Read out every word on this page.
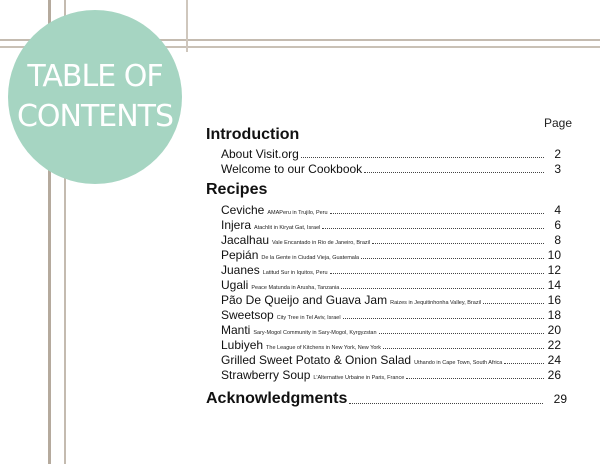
TABLE OF
CONTENTS	Page
Introduction
About Visit.org	2
Welcome to our Cookbook	3
Recipes
Ceviche AMAPeru in Trujilo, Peru	4
Injera Atachlit in Kiryat Gat, Israel	6
Jacalhau Vale Encantado in Rio de Janeiro, Brazil	8
Pepián De la Gente in Ciudad Vieja, Guatemala	10
Juanes Latitud Sur in Iquitos, Peru	12
Ugali Peace Matunda in Arusha, Tanzania	14
Pão De Queijo and Guava Jam Raizes in Jequitinhonha Valley, Brazil	16
Sweetsop City Tree in Tel Aviv, Israel	18
Manti Sary-Mogol Community in Sary-Mogol, Kyrgyzstan	20
Lubiyeh The League of Kitchens in New York, New York	22
Grilled Sweet Potato & Onion Salad Uthando in Cape Town, South Africa	24
Strawberry Soup L'Alternative Urbaine in Paris, France	26
Acknowledgments	29
